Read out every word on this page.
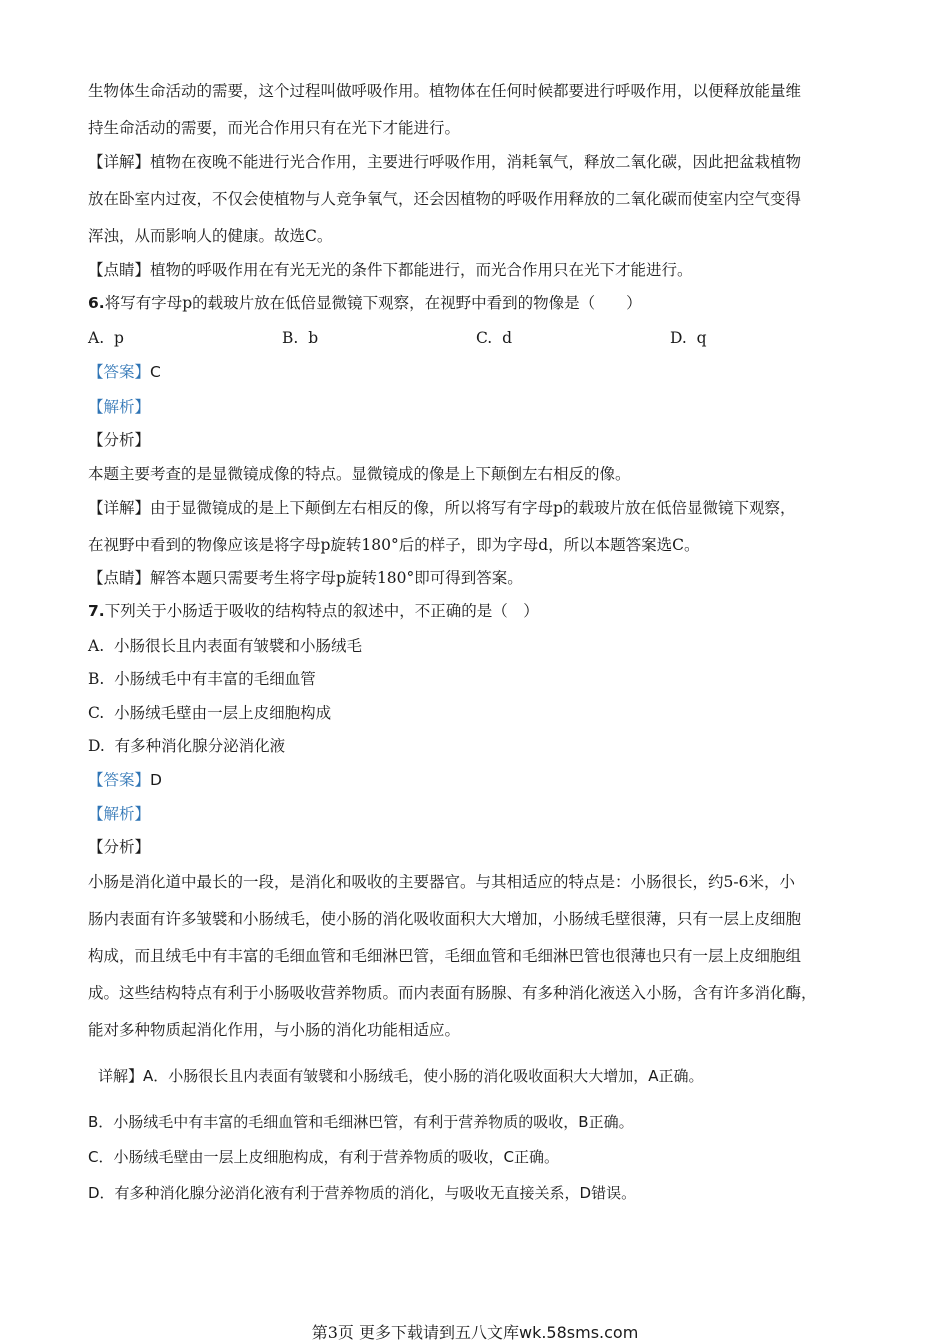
生物体生命活动的需要，这个过程叫做呼吸作用。植物体在任何时候都要进行呼吸作用，以便释放能量维
持生命活动的需要，而光合作用只有在光下才能进行。
【详解】植物在夜晚不能进行光合作用，主要进行呼吸作用，消耗氧气，释放二氧化碳，因此把盆栽植物
放在卧室内过夜，不仅会使植物与人竞争氧气，还会因植物的呼吸作用释放的二氧化碳而使室内空气变得
浑浊，从而影响人的健康。故选C。
【点睛】植物的呼吸作用在有光无光的条件下都能进行，而光合作用只在光下才能进行。
6.将写有字母p的载玻片放在低倍显微镜下观察，在视野中看到的物像是（　　）
A. p	B. b	C. d	D. q
【答案】C
【解析】
【分析】
本题主要考查的是显微镜成像的特点。显微镜成的像是上下颠倒左右相反的像。
【详解】由于显微镜成的是上下颠倒左右相反的像，所以将写有字母p的载玻片放在低倍显微镜下观察，
在视野中看到的物像应该是将字母p旋转180°后的样子，即为字母d，所以本题答案选C。
【点睛】解答本题只需要考生将字母p旋转180°即可得到答案。
7.下列关于小肠适于吸收的结构特点的叙述中，不正确的是（　）
A. 小肠很长且内表面有皱襞和小肠绒毛
B. 小肠绒毛中有丰富的毛细血管
C. 小肠绒毛壁由一层上皮细胞构成
D. 有多种消化腺分泌消化液
【答案】D
【解析】
【分析】
小肠是消化道中最长的一段，是消化和吸收的主要器官。与其相适应的特点是：小肠很长，约5-6米，小
肠内表面有许多皱襞和小肠绒毛，使小肠的消化吸收面积大大增加，小肠绒毛壁很薄，只有一层上皮细胞
构成，而且绒毛中有丰富的毛细血管和毛细淋巴管，毛细血管和毛细淋巴管也很薄也只有一层上皮细胞组
成。这些结构特点有利于小肠吸收营养物质。而内表面有肠腺、有多种消化液送入小肠，含有许多消化酶，
能对多种物质起消化作用，与小肠的消化功能相适应。
详解】A．小肠很长且内表面有皱襞和小肠绒毛，使小肠的消化吸收面积大大增加，A正确。
B．小肠绒毛中有丰富的毛细血管和毛细淋巴管，有利于营养物质的吸收，B正确。
C．小肠绒毛壁由一层上皮细胞构成，有利于营养物质的吸收，C正确。
D．有多种消化腺分泌消化液有利于营养物质的消化，与吸收无直接关系，D错误。
第3页 更多下载请到五八文库wk.58sms.com
